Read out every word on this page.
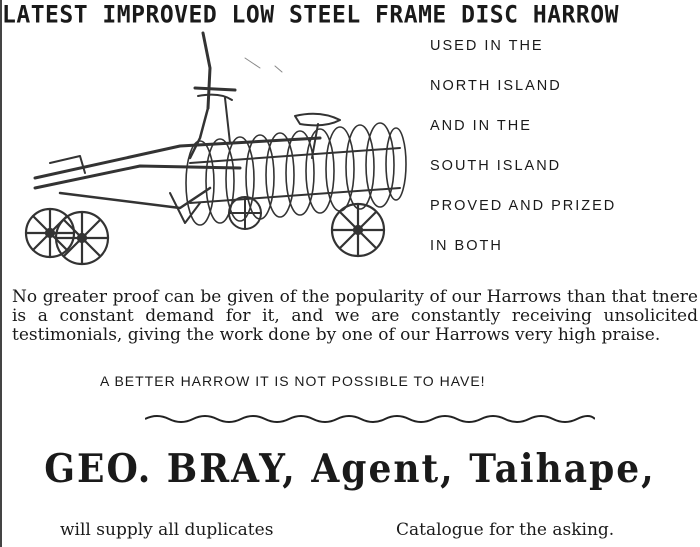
LATEST IMPROVED LOW STEEL FRAME DISC HARROW
USED IN THE
NORTH ISLAND
AND IN THE
SOUTH ISLAND
PROVED AND PRIZED
IN BOTH

No greater proof can be given of the popularity of our Harrows than that tnere is a constant demand for it, and we are constantly receiving unsolicited testimonials, giving the work done by one of our Harrows very high praise.

A BETTER HARROW IT IS NOT POSSIBLE TO HAVE!
GEO. BRAY, Agent, Taihape,
will supply all duplicates	Catalogue for the asking.
